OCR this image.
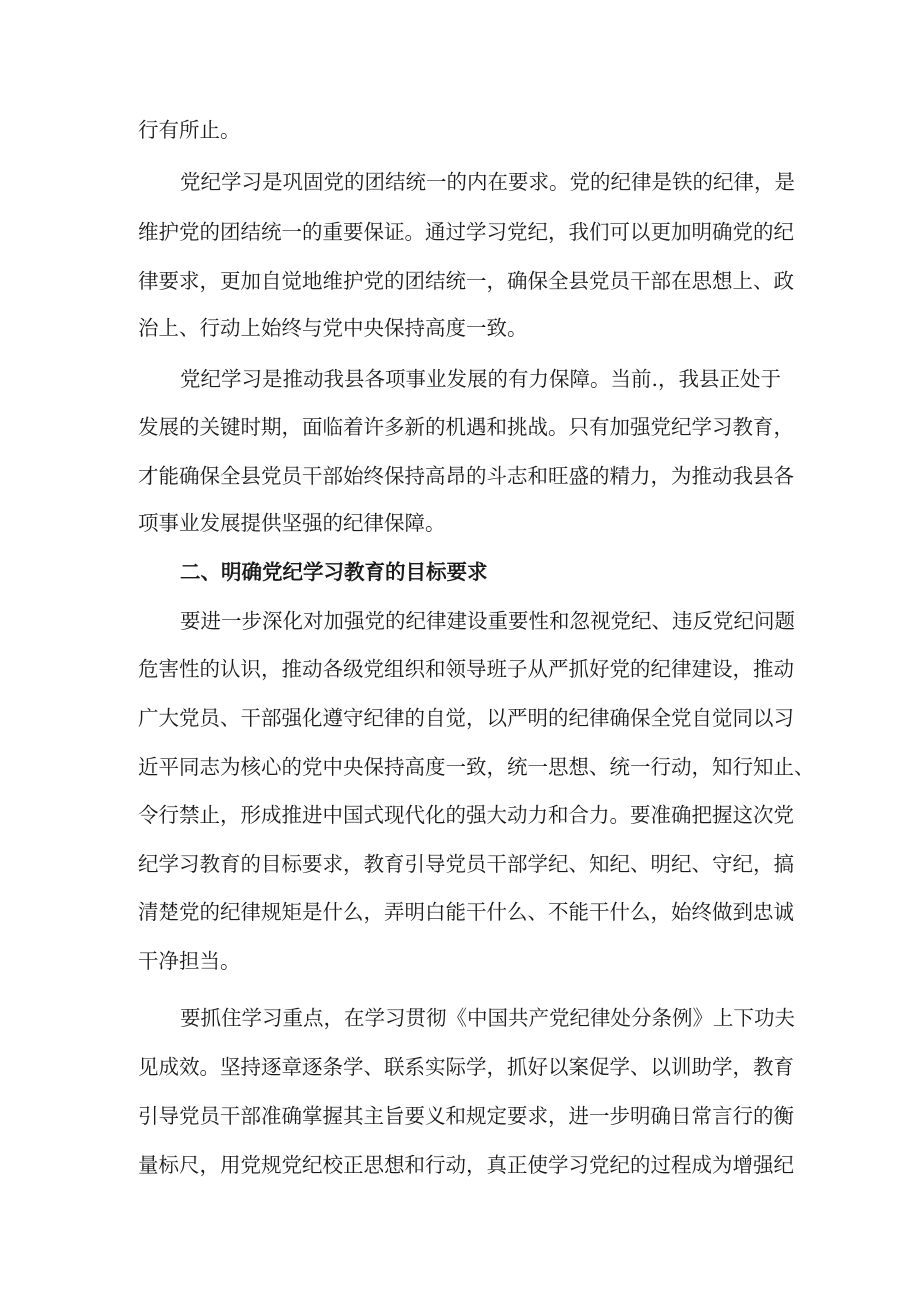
行有所止。

党纪学习是巩固党的团结统一的内在要求。党的纪律是铁的纪律，是

维护党的团结统一的重要保证。通过学习党纪，我们可以更加明确党的纪

律要求，更加自觉地维护党的团结统一，确保全县党员干部在思想上、政

治上、行动上始终与党中央保持高度一致。

党纪学习是推动我县各项事业发展的有力保障。当前.，我县正处于

发展的关键时期，面临着许多新的机遇和挑战。只有加强党纪学习教育，

才能确保全县党员干部始终保持高昂的斗志和旺盛的精力，为推动我县各

项事业发展提供坚强的纪律保障。

二、明确党纪学习教育的目标要求

要进一步深化对加强党的纪律建设重要性和忽视党纪、违反党纪问题

危害性的认识，推动各级党组织和领导班子从严抓好党的纪律建设，推动

广大党员、干部强化遵守纪律的自觉，以严明的纪律确保全党自觉同以习

近平同志为核心的党中央保持高度一致，统一思想、统一行动，知行知止、

令行禁止，形成推进中国式现代化的强大动力和合力。要准确把握这次党

纪学习教育的目标要求，教育引导党员干部学纪、知纪、明纪、守纪，搞

清楚党的纪律规矩是什么，弄明白能干什么、不能干什么，始终做到忠诚

干净担当。

要抓住学习重点，在学习贯彻《中国共产党纪律处分条例》上下功夫

见成效。坚持逐章逐条学、联系实际学，抓好以案促学、以训助学，教育

引导党员干部准确掌握其主旨要义和规定要求，进一步明确日常言行的衡

量标尺，用党规党纪校正思想和行动，真正使学习党纪的过程成为增强纪
